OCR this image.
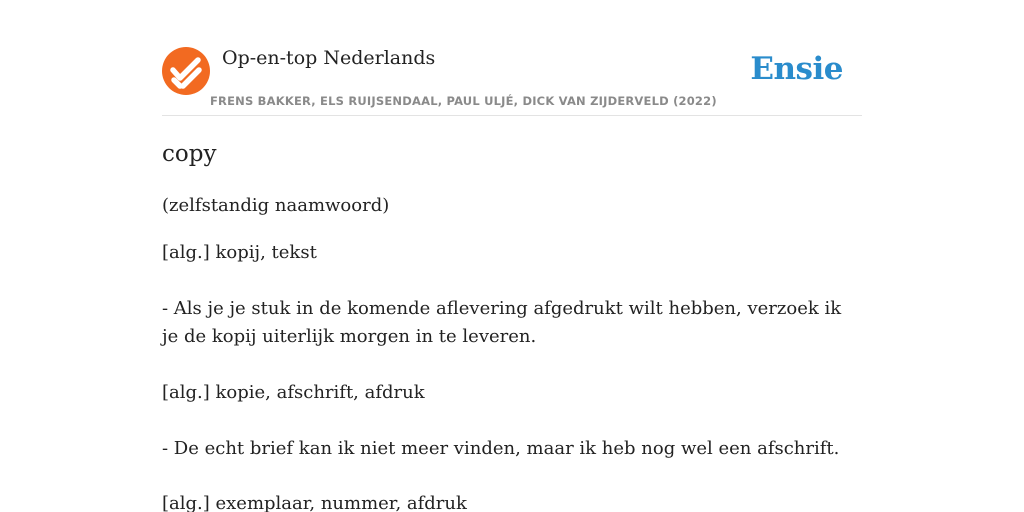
Op-en-top Nederlands
FRENS BAKKER, ELS RUIJSENDAAL, PAUL ULJÉ, DICK VAN ZIJDERVELD (2022)
Ensie
copy
(zelfstandig naamwoord)
[alg.] kopij, tekst
- Als je je stuk in de komende aflevering afgedrukt wilt hebben, verzoek ik je de kopij uiterlijk morgen in te leveren.
[alg.] kopie, afschrift, afdruk
- De echt brief kan ik niet meer vinden, maar ik heb nog wel een afschrift.
[alg.] exemplaar, nummer, afdruk
